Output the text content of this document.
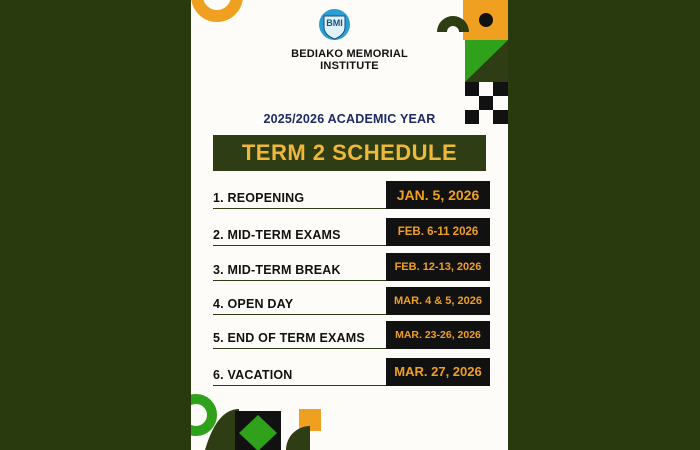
BMI
BEDIAKO MEMORIAL
INSTITUTE
2025/2026 ACADEMIC YEAR
TERM 2 SCHEDULE
1. REOPENING	JAN. 5, 2026
2. MID-TERM EXAMS	FEB. 6-11 2026
3. MID-TERM BREAK	FEB. 12-13, 2026
4. OPEN DAY	MAR. 4 & 5, 2026
5. END OF TERM EXAMS	MAR. 23-26, 2026
6. VACATION	MAR. 27, 2026
